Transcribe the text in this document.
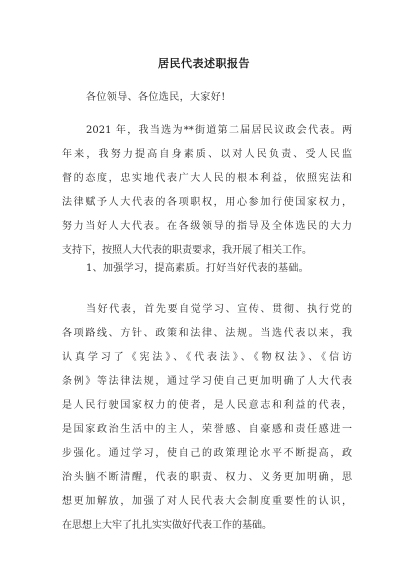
居民代表述职报告
各位领导、各位选民，大家好!
2021 年，我当选为**街道第二届居民议政会代表。两
年来，我努力提高自身素质、以对人民负责、受人民监
督的态度，忠实地代表广大人民的根本利益，依照宪法和
法律赋予人大代表的各项职权，用心参加行使国家权力，
努力当好人大代表。在各级领导的指导及全体选民的大力
支持下，按照人大代表的职责要求，我开展了相关工作。
1、加强学习，提高素质。打好当好代表的基础。
当好代表，首先要自觉学习、宣传、贯彻、执行党的
各项路线、方针、政策和法律、法规。当选代表以来，我
认真学习了《宪法》、《代表法》、《物权法》、《信访
条例》等法律法规，通过学习使自己更加明确了人大代表
是人民行驶国家权力的使者，是人民意志和利益的代表，
是国家政治生活中的主人，荣誉感、自豪感和责任感进一
步强化。通过学习，使自己的政策理论水平不断提高，政
治头脑不断清醒，代表的职责、权力、义务更加明确，思
想更加解放，加强了对人民代表大会制度重要性的认识，
在思想上大牢了扎扎实实做好代表工作的基础。
